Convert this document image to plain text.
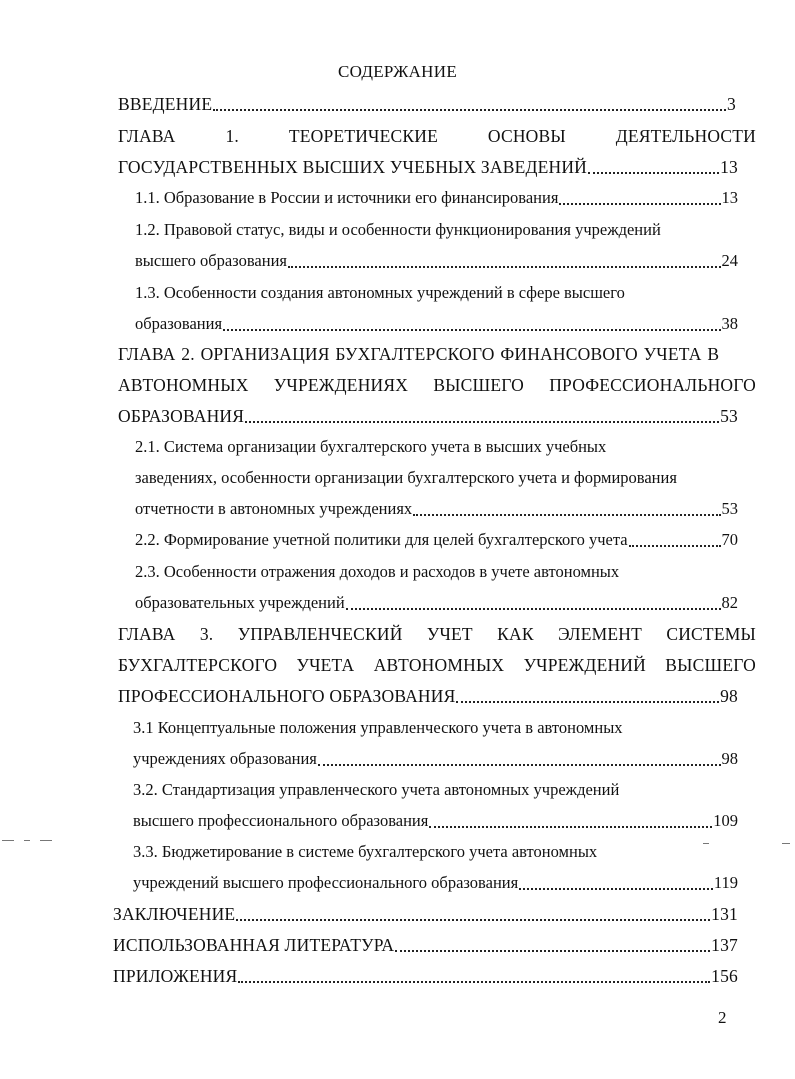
СОДЕРЖАНИЕ
ВВЕДЕНИЕ	3
ГЛАВА	1.	ТЕОРЕТИЧЕСКИЕ	ОСНОВЫ	ДЕЯТЕЛЬНОСТИ
ГОСУДАРСТВЕННЫХ ВЫСШИХ УЧЕБНЫХ ЗАВЕДЕНИЙ	13
1.1. Образование в России и источники его финансирования	13
1.2. Правовой статус, виды и особенности функционирования учреждений
высшего образования	24
1.3. Особенности создания автономных учреждений в сфере высшего
образования	38
ГЛАВА 2. ОРГАНИЗАЦИЯ БУХГАЛТЕРСКОГО ФИНАНСОВОГО УЧЕТА В
АВТОНОМНЫХ УЧРЕЖДЕНИЯХ ВЫСШЕГО ПРОФЕССИОНАЛЬНОГО
ОБРАЗОВАНИЯ	53
2.1. Система организации бухгалтерского учета в высших учебных
заведениях, особенности организации бухгалтерского учета и формирования
отчетности в автономных учреждениях	53
2.2. Формирование учетной политики для целей бухгалтерского учета	70
2.3. Особенности отражения доходов и расходов в учете автономных
образовательных учреждений	82
ГЛАВА 3. УПРАВЛЕНЧЕСКИЙ УЧЕТ КАК ЭЛЕМЕНТ СИСТЕМЫ
БУХГАЛТЕРСКОГО УЧЕТА АВТОНОМНЫХ УЧРЕЖДЕНИЙ ВЫСШЕГО
ПРОФЕССИОНАЛЬНОГО ОБРАЗОВАНИЯ	98
3.1 Концептуальные положения управленческого учета в автономных
учреждениях образования	98
3.2. Стандартизация управленческого учета автономных учреждений
высшего профессионального образования	109
3.3. Бюджетирование в системе бухгалтерского учета автономных
учреждений высшего профессионального образования	119
ЗАКЛЮЧЕНИЕ	131
ИСПОЛЬЗОВАННАЯ ЛИТЕРАТУРА	137
ПРИЛОЖЕНИЯ	156
2
